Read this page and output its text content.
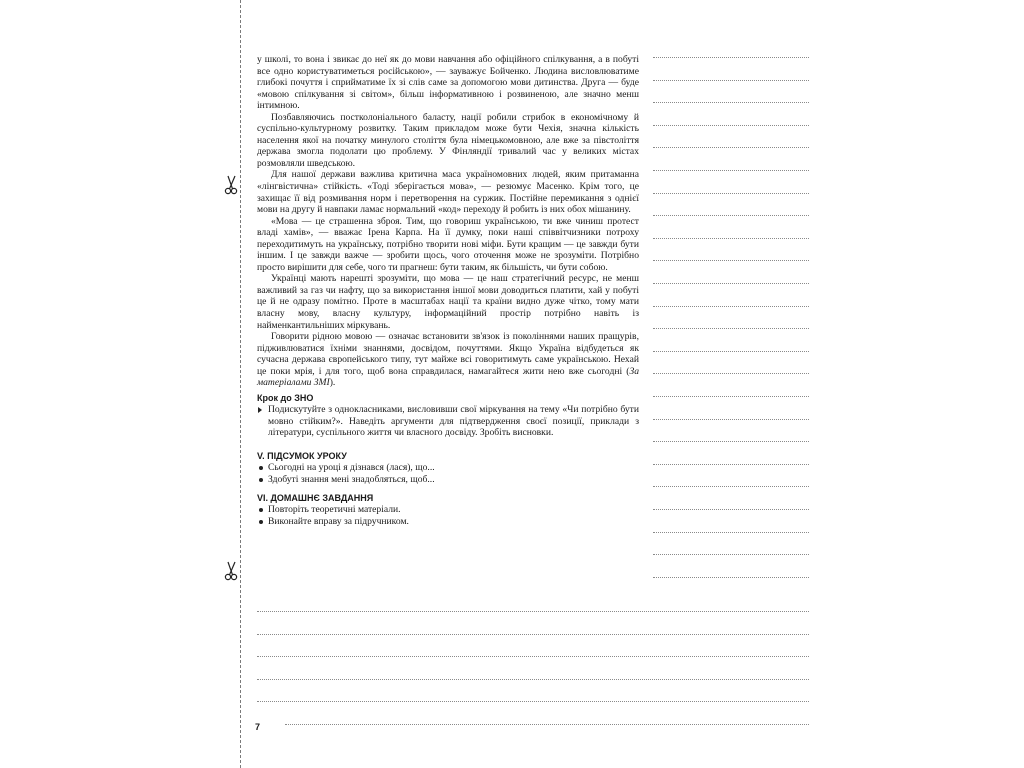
у школі, то вона і звикає до неї як до мови навчання або офіційного спілкування, а в побуті все одно користуватиметься російською», — зауважує Бойченко. Людина висловлюватиме глибокі почуття і сприйматиме їх зі слів саме за допомогою мови дитинства. Друга — буде «мовою спілкування зі світом», більш інформативною і розвиненою, але значно менш інтимною.

Позбавляючись постколоніального баласту, нації робили стрибок в економічному й суспільно-культурному розвитку. Таким прикладом може бути Чехія, значна кількість населення якої на початку минулого століття була німецькомовною, але вже за півстоліття держава змогла подолати цю проблему. У Фінляндії тривалий час у великих містах розмовляли шведською.

Для нашої держави важлива критична маса україномовних людей, яким притаманна «лінгвістична» стійкість. «Тоді зберігається мова», — резюмує Масенко. Крім того, це захищає її від розмивання норм і перетворення на суржик. Постійне перемикання з однієї мови на другу й навпаки ламає нормальний «код» переходу й робить із них обох мішанину.

«Мова — це страшенна зброя. Тим, що говориш українською, ти вже чиниш протест владі хамів», — вважає Ірена Карпа. На її думку, поки наші співвітчизники потроху переходитимуть на українську, потрібно творити нові міфи. Бути кращим — це завжди бути іншим. І це завжди важче — зробити щось, чого оточення може не зрозуміти. Потрібно просто вирішити для себе, чого ти прагнеш: бути таким, як більшість, чи бути собою.

Українці мають нарешті зрозуміти, що мова — це наш стратегічний ресурс, не менш важливий за газ чи нафту, що за використання іншої мови доводиться платити, хай у побуті це й не одразу помітно. Проте в масштабах нації та країни видно дуже чітко, тому мати власну мову, власну культуру, інформаційний простір потрібно навіть із найменкантильніших міркувань.

Говорити рідною мовою — означає встановити зв'язок із поколіннями наших пращурів, підживлюватися їхніми знаннями, досвідом, почуттями. Якщо Україна відбудеться як сучасна держава європейського типу, тут майже всі говоритимуть саме українською. Нехай це поки мрія, і для того, щоб вона справдилася, намагайтеся жити нею вже сьогодні (За матеріалами ЗМІ).

Крок до ЗНО
Подискутуйте з однокласниками, висловивши свої міркування на тему «Чи потрібно бути мовно стійким?». Наведіть аргументи для підтвердження своєї позиції, приклади з літератури, суспільного життя чи власного досвіду. Зробіть висновки.
V. ПІДСУМОК УРОКУ
Сьогодні на уроці я дізнався (лася), що...
Здобуті знання мені знадобляться, щоб...
VI. ДОМАШНЄ ЗАВДАННЯ
Повторіть теоретичні матеріали.
Виконайте вправу за підручником.
7
